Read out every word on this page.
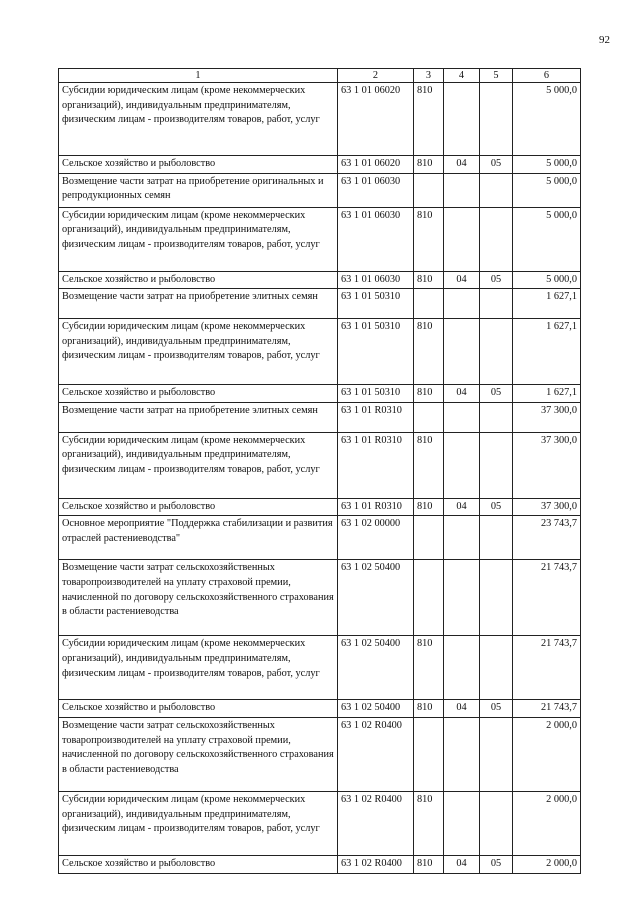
92
1	2	3	4	5	6
Субсидии юридическим лицам (кроме некоммерческих организаций), индивидуальным предпринимателям, физическим лицам - производителям товаров, работ, услуг	63 1 01 06020	810			5 000,0
Сельское хозяйство и рыболовство	63 1 01 06020	810	04	05	5 000,0
Возмещение части затрат на приобретение оригинальных и репродукционных семян	63 1 01 06030				5 000,0
Субсидии юридическим лицам (кроме некоммерческих организаций), индивидуальным предпринимателям, физическим лицам - производителям товаров, работ, услуг	63 1 01 06030	810			5 000,0
Сельское хозяйство и рыболовство	63 1 01 06030	810	04	05	5 000,0
Возмещение части затрат на приобретение элитных семян	63 1 01 50310				1 627,1
Субсидии юридическим лицам (кроме некоммерческих организаций), индивидуальным предпринимателям, физическим лицам - производителям товаров, работ, услуг	63 1 01 50310	810			1 627,1
Сельское хозяйство и рыболовство	63 1 01 50310	810	04	05	1 627,1
Возмещение части затрат на приобретение элитных семян	63 1 01 R0310				37 300,0
Субсидии юридическим лицам (кроме некоммерческих организаций), индивидуальным предпринимателям, физическим лицам - производителям товаров, работ, услуг	63 1 01 R0310	810			37 300,0
Сельское хозяйство и рыболовство	63 1 01 R0310	810	04	05	37 300,0
Основное мероприятие "Поддержка стабилизации и развития отраслей растениеводства"	63 1 02 00000				23 743,7
Возмещение части затрат сельскохозяйственных товаропроизводителей на уплату страховой премии, начисленной по договору сельскохозяйственного страхования в области растениеводства	63 1 02 50400				21 743,7
Субсидии юридическим лицам (кроме некоммерческих организаций), индивидуальным предпринимателям, физическим лицам - производителям товаров, работ, услуг	63 1 02 50400	810			21 743,7
Сельское хозяйство и рыболовство	63 1 02 50400	810	04	05	21 743,7
Возмещение части затрат сельскохозяйственных товаропроизводителей на уплату страховой премии, начисленной по договору сельскохозяйственного страхования в области растениеводства	63 1 02 R0400				2 000,0
Субсидии юридическим лицам (кроме некоммерческих организаций), индивидуальным предпринимателям, физическим лицам - производителям товаров, работ, услуг	63 1 02 R0400	810			2 000,0
Сельское хозяйство и рыболовство	63 1 02 R0400	810	04	05	2 000,0
